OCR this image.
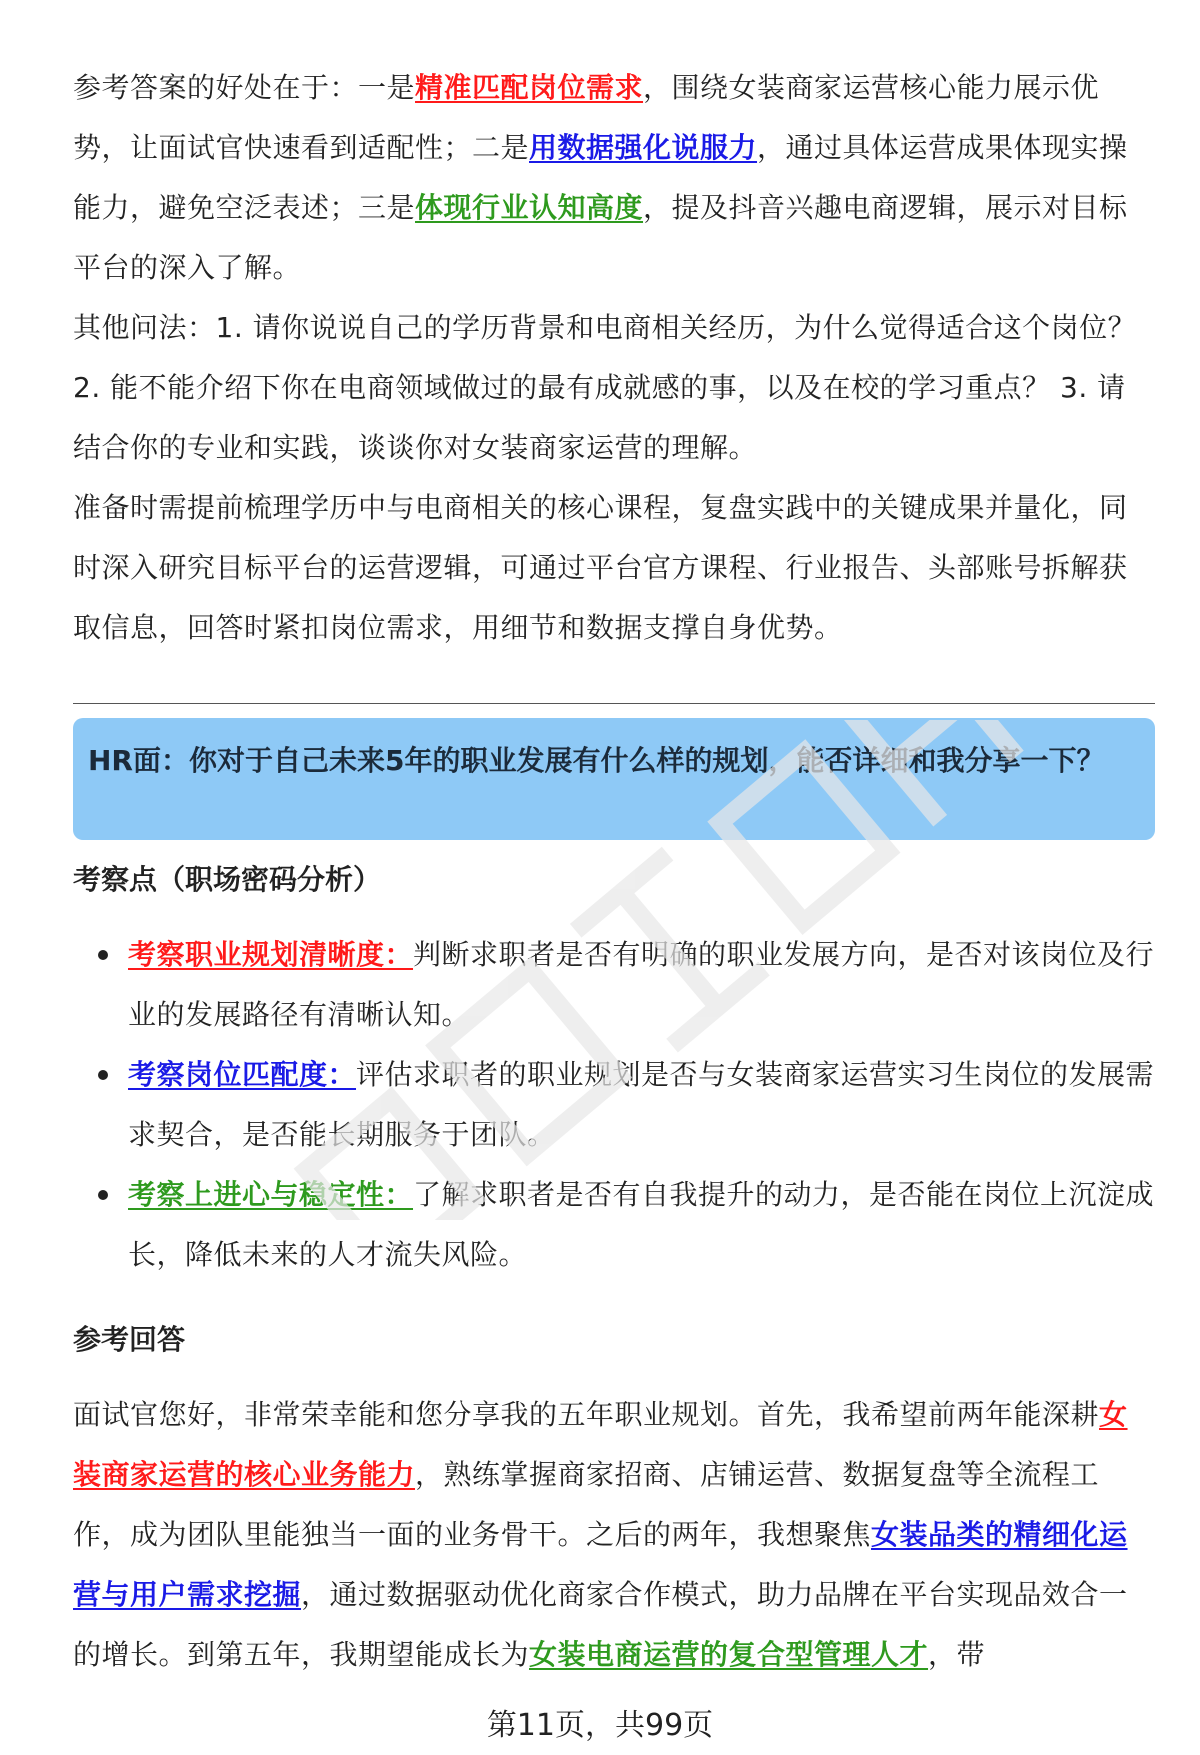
参考答案的好处在于：一是精准匹配岗位需求，围绕女装商家运营核心能力展示优势，让面试官快速看到适配性；二是用数据强化说服力，通过具体运营成果体现实操能力，避免空泛表述；三是体现行业认知高度，提及抖音兴趣电商逻辑，展示对目标平台的深入了解。

其他问法：1. 请你说说自己的学历背景和电商相关经历，为什么觉得适合这个岗位？ 2. 能不能介绍下你在电商领域做过的最有成就感的事，以及在校的学习重点？ 3. 请结合你的专业和实践，谈谈你对女装商家运营的理解。

准备时需提前梳理学历中与电商相关的核心课程，复盘实践中的关键成果并量化，同时深入研究目标平台的运营逻辑，可通过平台官方课程、行业报告、头部账号拆解获取信息，回答时紧扣岗位需求，用细节和数据支撑自身优势。

HR面：你对于自己未来5年的职业发展有什么样的规划，能否详细和我分享一下？

考察点（职场密码分析）

考察职业规划清晰度：判断求职者是否有明确的职业发展方向，是否对该岗位及行业的发展路径有清晰认知。
考察岗位匹配度：评估求职者的职业规划是否与女装商家运营实习生岗位的发展需求契合，是否能长期服务于团队。
考察上进心与稳定性：了解求职者是否有自我提升的动力，是否能在岗位上沉淀成长，降低未来的人才流失风险。

参考回答

面试官您好，非常荣幸能和您分享我的五年职业规划。首先，我希望前两年能深耕女装商家运营的核心业务能力，熟练掌握商家招商、店铺运营、数据复盘等全流程工作，成为团队里能独当一面的业务骨干。之后的两年，我想聚焦女装品类的精细化运营与用户需求挖掘，通过数据驱动优化商家合作模式，助力品牌在平台实现品效合一的增长。到第五年，我期望能成长为女装电商运营的复合型管理人才，带

第11页，共99页
